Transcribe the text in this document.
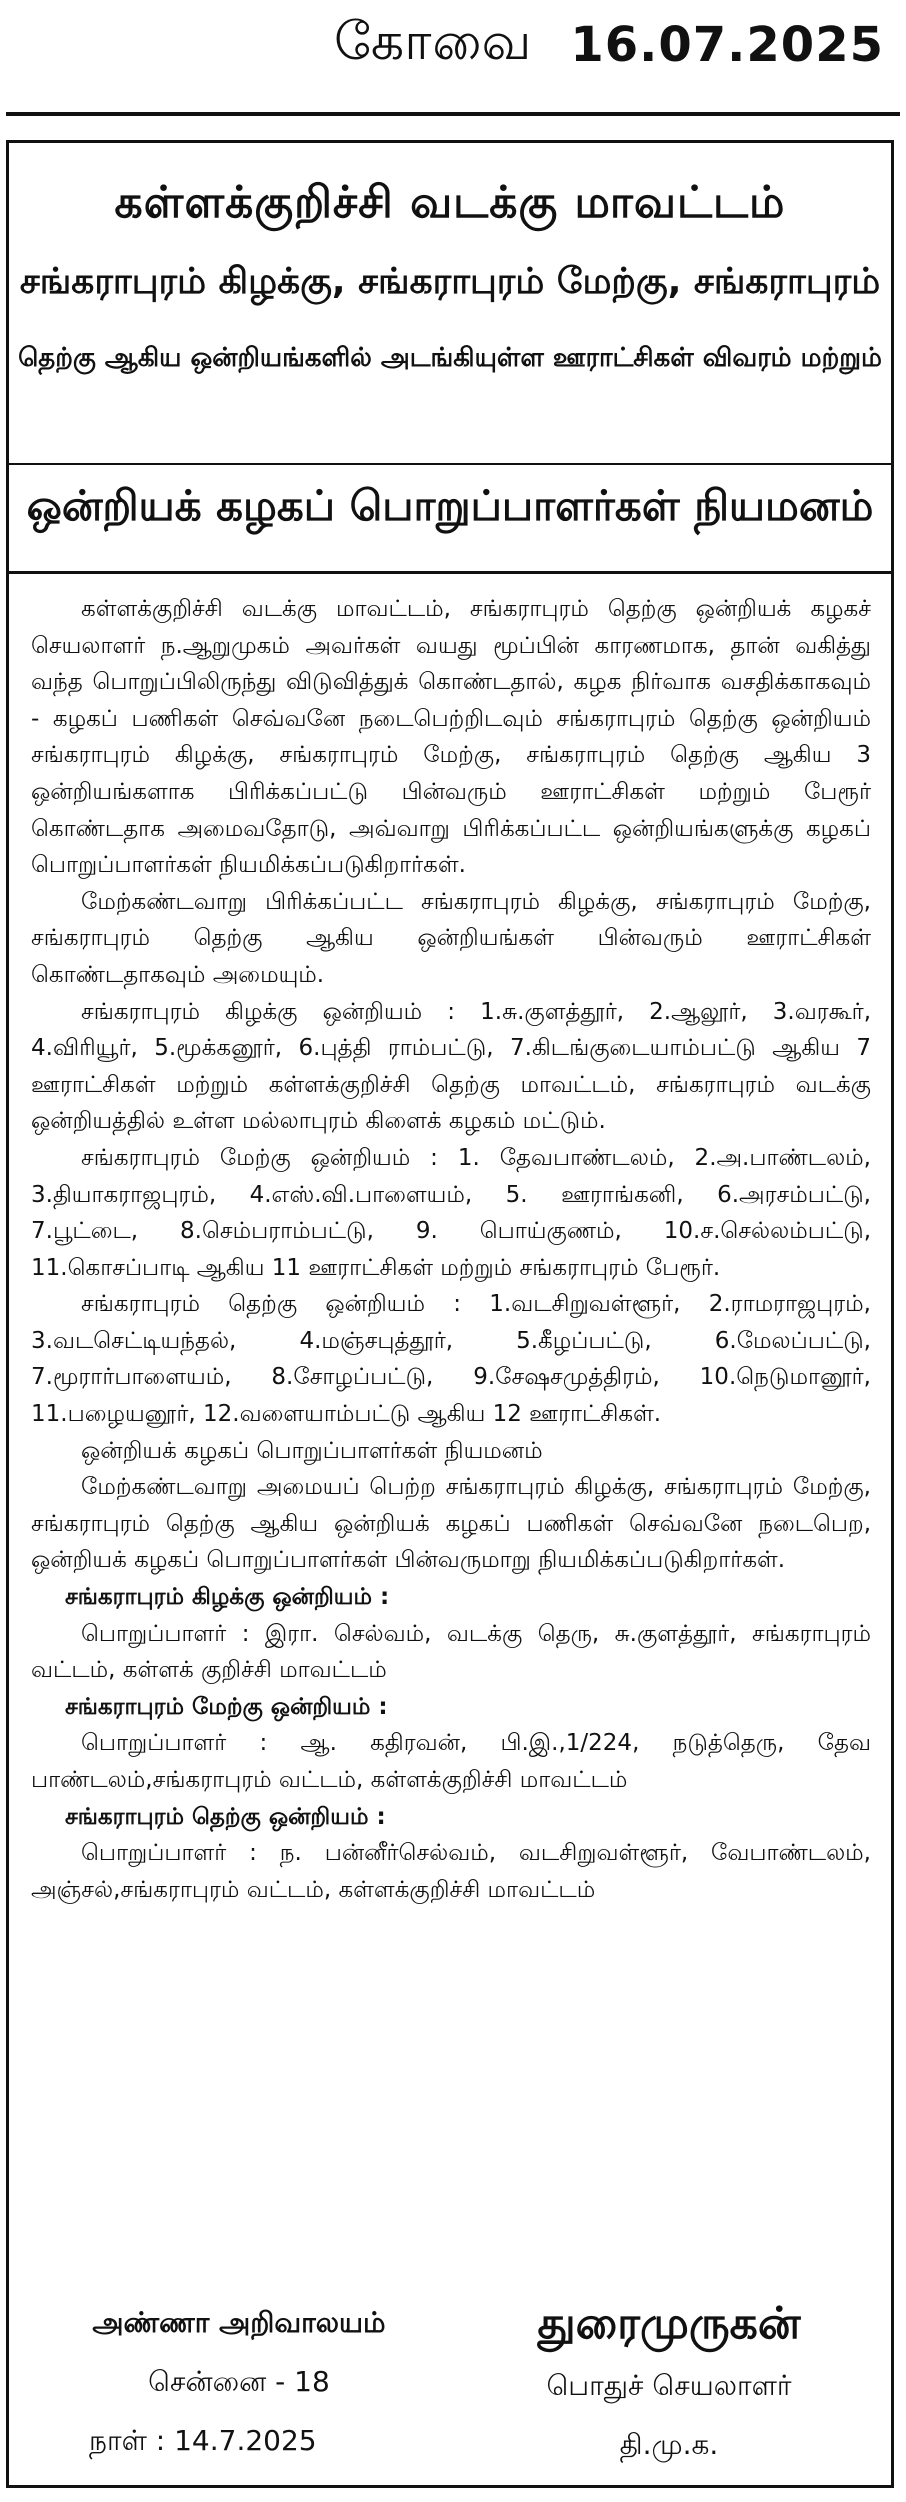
கோவை 16.07.2025
கள்ளக்குறிச்சி வடக்கு மாவட்டம்
சங்கராபுரம் கிழக்கு, சங்கராபுரம் மேற்கு, சங்கராபுரம்
தெற்கு ஆகிய ஒன்றியங்களில் அடங்கியுள்ள ஊராட்சிகள் விவரம் மற்றும்
ஒன்றியக் கழகப் பொறுப்பாளர்கள் நியமனம்

கள்ளக்குறிச்சி வடக்கு மாவட்டம், சங்கராபுரம் தெற்கு ஒன்றியக் கழகச் செயலாளர் ந.ஆறுமுகம் அவர்கள் வயது மூப்பின் காரணமாக, தான் வகித்து வந்த பொறுப்பிலிருந்து விடுவித்துக் கொண்டதால், கழக நிர்வாக வசதிக்காகவும் - கழகப் பணிகள் செவ்வனே நடைபெற்றிடவும் சங்கராபுரம் தெற்கு ஒன்றியம் சங்கராபுரம் கிழக்கு, சங்கராபுரம் மேற்கு, சங்கராபுரம் தெற்கு ஆகிய 3 ஒன்றியங்களாக பிரிக்கப்பட்டு பின்வரும் ஊராட்சிகள் மற்றும் பேரூர் கொண்டதாக அமைவதோடு, அவ்வாறு பிரிக்கப்பட்ட ஒன்றியங்களுக்கு கழகப் பொறுப்பாளர்கள் நியமிக்கப்படுகிறார்கள்.

மேற்கண்டவாறு பிரிக்கப்பட்ட சங்கராபுரம் கிழக்கு, சங்கராபுரம் மேற்கு, சங்கராபுரம் தெற்கு ஆகிய ஒன்றியங்கள் பின்வரும் ஊராட்சிகள் கொண்டதாகவும் அமையும்.

சங்கராபுரம் கிழக்கு ஒன்றியம் : 1.சு.குளத்தூர், 2.ஆலூர், 3.வரகூர், 4.விரியூர், 5.மூக்கனூர், 6.புத்தி ராம்பட்டு, 7.கிடங்குடையாம்பட்டு ஆகிய 7 ஊராட்சிகள் மற்றும் கள்ளக்குறிச்சி தெற்கு மாவட்டம், சங்கராபுரம் வடக்கு ஒன்றியத்தில் உள்ள மல்லாபுரம் கிளைக் கழகம் மட்டும்.

சங்கராபுரம் மேற்கு ஒன்றியம் : 1. தேவபாண்டலம், 2.அ.பாண்டலம், 3.தியாகராஜபுரம், 4.எஸ்.வி.பாளையம், 5. ஊராங்கனி, 6.அரசம்பட்டு, 7.பூட்டை, 8.செம்பராம்பட்டு, 9. பொய்குணம், 10.ச.செல்லம்பட்டு, 11.கொசப்பாடி ஆகிய 11 ஊராட்சிகள் மற்றும் சங்கராபுரம் பேரூர்.

சங்கராபுரம் தெற்கு ஒன்றியம் : 1.வடசிறுவள்ளூர், 2.ராமராஜபுரம், 3.வடசெட்டியந்தல், 4.மஞ்சபுத்தூர், 5.கீழப்பட்டு, 6.மேலப்பட்டு, 7.மூரார்பாளையம், 8.சோழப்பட்டு, 9.சேஷசமுத்திரம், 10.நெடுமானூர், 11.பழையனூர், 12.வளையாம்பட்டு ஆகிய 12 ஊராட்சிகள்.

ஒன்றியக் கழகப் பொறுப்பாளர்கள் நியமனம்

மேற்கண்டவாறு அமையப் பெற்ற சங்கராபுரம் கிழக்கு, சங்கராபுரம் மேற்கு, சங்கராபுரம் தெற்கு ஆகிய ஒன்றியக் கழகப் பணிகள் செவ்வனே நடைபெற, ஒன்றியக் கழகப் பொறுப்பாளர்கள் பின்வருமாறு நியமிக்கப்படுகிறார்கள்.

சங்கராபுரம் கிழக்கு ஒன்றியம் :

பொறுப்பாளர் : இரா. செல்வம், வடக்கு தெரு, சு.குளத்தூர், சங்கராபுரம் வட்டம், கள்ளக் குறிச்சி மாவட்டம்

சங்கராபுரம் மேற்கு ஒன்றியம் :

பொறுப்பாளர் : ஆ. கதிரவன், பி.இ.,1/224, நடுத்தெரு, தேவ பாண்டலம்,சங்கராபுரம் வட்டம், கள்ளக்குறிச்சி மாவட்டம்

சங்கராபுரம் தெற்கு ஒன்றியம் :

பொறுப்பாளர் : ந. பன்னீர்செல்வம், வடசிறுவள்ளூர், வேபாண்டலம், அஞ்சல்,சங்கராபுரம் வட்டம், கள்ளக்குறிச்சி மாவட்டம்

அண்ணா அறிவாலயம்
சென்னை - 18
நாள் : 14.7.2025
துரைமுருகன்
பொதுச் செயலாளர்
தி.மு.க.
